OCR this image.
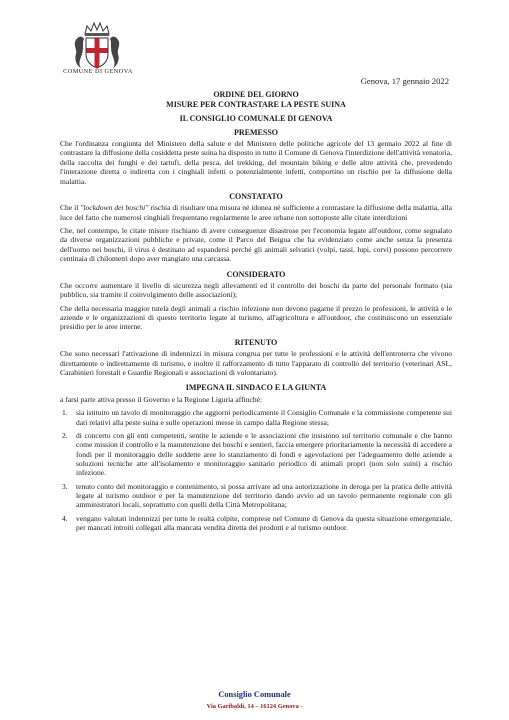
COMUNE DI GENOVA
Genova, 17 gennaio 2022
ORDINE DEL GIORNO
MISURE PER CONTRASTARE LA PESTE SUINA
IL CONSIGLIO COMUNALE DI GENOVA
PREMESSO

Che l'ordinanza congiunta del Ministero della salute e del Ministero delle politiche agricole del 13 gennaio 2022 al fine di contrastare la diffusione della cosiddetta peste suina ha disposto in tutto il Comune di Genova l'interdizione dell'attività venatoria, della raccolta dei funghi e dei tartufi, della pesca, del trekking, del mountain biking e delle altre attività che, prevedendo l'interazione diretta o indiretta con i cinghiali infetti o potenzialmente infetti, comportino un rischio per la diffusione della malattia.

CONSTATATO

Che il "lockdown dei boschi" rischia di risultare una misura né idonea né sufficiente a contrastare la diffusione della malattia, alla luce del fatto che numerosi cinghiali frequentano regolarmente le aree urbane non sottoposte alle citate interdizioni

Che, nel contempo, le citate misure rischiano di avere conseguenze disastrose per l'economia legate all'outdoor, come segnalato da diverse organizzazioni pubbliche e private, come il Parco del Beigua che ha evidenziato come anche senza la presenza dell'uomo nei boschi, il virus è destinato ad espandersi perché gli animali selvatici (volpi, tassi, lupi, corvi) possono percorrere centinaia di chilometri dopo aver mangiato una carcassa.

CONSIDERATO

Che occorre aumentare il livello di sicurezza negli allevamenti ed il controllo dei boschi da parte del personale formato (sia pubblico, sia tramite il coinvolgimento delle associazioni);

Che della necessaria maggior tutela degli animali a rischio infezione non devono pagarne il prezzo le professioni, le attività e le aziende e le organizzazioni di questo territorio legate al turismo, all'agricoltura e all'outdoor, che costituiscono un essenziale presidio per le aree interne.

RITENUTO

Che sono necessari l'attivazione di indennizzi in misura congrua per tutte le professioni e le attività dell'entroterra che vivono direttamente o indirettamente di turismo, e inoltre il rafforzamento di tutto l'apparato di controllo del territorio (veterinari ASL, Carabinieri forestali e Guardie Regionali e associazioni di volontariato).

IMPEGNA IL SINDACO E LA GIUNTA

a farsi parte attiva presso il Governo e la Regione Liguria affinché:

1.	sia istituito un tavolo di monitoraggio che aggiorni periodicamente il Consiglio Comunale e la commissione competente sui dati relativi alla peste suina e sulle operazioni messe in campo dalla Regione stessa;
2.	di concerto con gli enti competenti, sentite le aziende e le associazioni che insistono sul territorio comunale e che hanno come mission il controllo e la manutenzione dei boschi e sentieri, faccia emergere prioritariamente la necessità di accedere a fondi per il monitoraggio delle suddette aree lo stanziamento di fondi e agevolazioni per l'adeguamento delle aziende a soluzioni tecniche atte all'isolamento e monitoraggio sanitario periodico di animali propri (non solo suini) a rischio infezione.
3.	tenuto conto del monitoraggio e contenimento, si possa arrivare ad una autorizzazione in deroga per la pratica delle attività legate al turismo outdoor e per la manutenzione del territorio dando avvio ad un tavolo permanente regionale con gli amministratori locali, soprattutto con quelli della Città Metropolitana;
4.	vengano valutati indennizzi per tutte le realtà colpite, comprese nel Comune di Genova da questa situazione emergenziale, per mancati introiti collegati alla mancata vendita diretta dei prodotti e al turismo outdoor.
Consiglio Comunale
Via Garibaldi, 14 – 16124 Genova -
